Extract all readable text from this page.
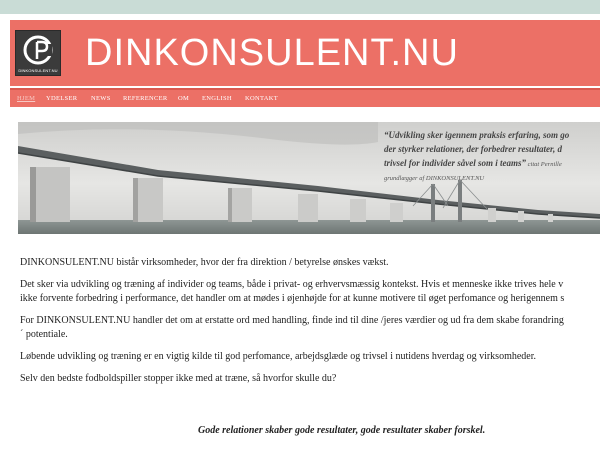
DINKONSULENT.NU DINKONSULENT.NU
HJEM YDELSER NEWS REFERENCER OM ENGLISH KONTAKT
“Udvikling sker igennem praksis erfaring, som go
der styrker relationer, der forbedrer resultater, d
trivsel for individer såvel som i teams” citat Pernille
grundlægger af DINKONSULENT.NU

DINKONSULENT.NU bistår virksomheder, hvor der fra direktion / betyrelse ønskes vækst.

Det sker via udvikling og træning af individer og teams, både i privat- og erhvervsmæssig kontekst. Hvis et menneske ikke trives hele v
ikke forvente forbedring i performance, det handler om at mødes i øjenhøjde for at kunne motivere til øget perfomance og herigennem s

For DINKONSULENT.NU handler det om at erstatte ord med handling, finde ind til dine /jeres værdier og ud fra dem skabe forandring
´ potentiale.

Løbende udvikling og træning er en vigtig kilde til god perfomance, arbejdsglæde og trivsel i nutidens hverdag og virksomheder.

Selv den bedste fodboldspiller stopper ikke med at træne, så hvorfor skulle du?

Gode relationer skaber gode resultater, gode resultater skaber forskel.
